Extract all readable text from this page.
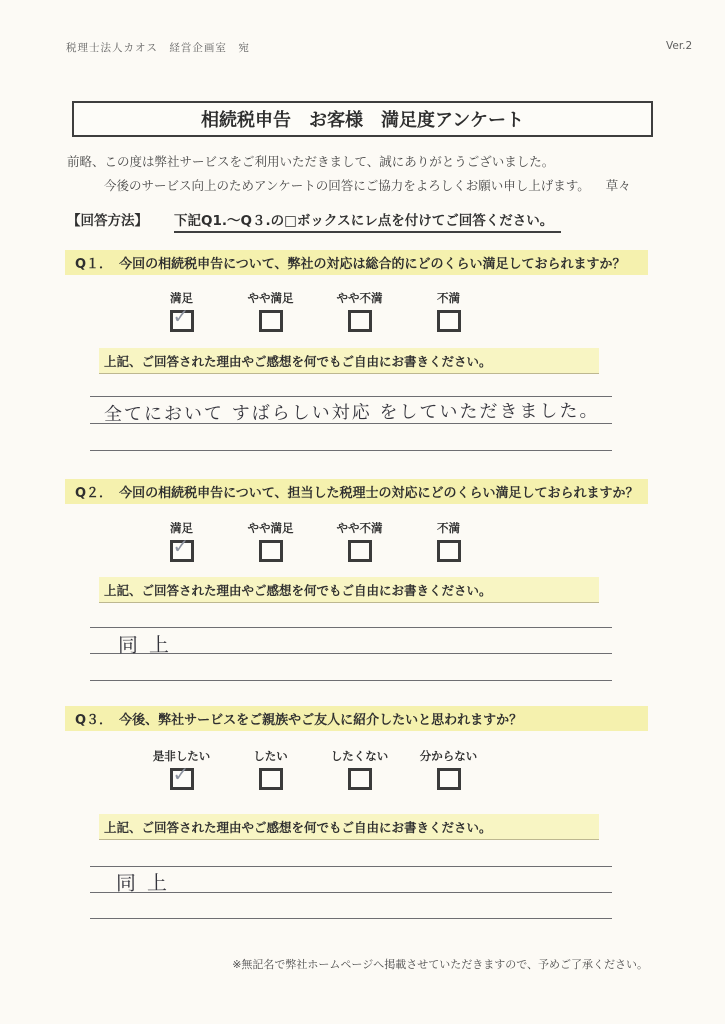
税理士法人カオス　経営企画室　宛	Ver.2
相続税申告　お客様　満足度アンケート
前略、この度は弊社サービスをご利用いただきまして、誠にありがとうございました。
今後のサービス向上のためアンケートの回答にご協力をよろしくお願い申し上げます。 草々
【回答方法】 下記Q1.～Q３.の□ボックスにレ点を付けてご回答ください。
Q１． 今回の相続税申告について、弊社の対応は総合的にどのくらい満足しておられますか？
満足
✓
やや満足	やや不満	不満
上記、ご回答された理由やご感想を何でもご自由にお書きください。
全てにおいて すばらしい対応 をしていただきました。
Q２． 今回の相続税申告について、担当した税理士の対応にどのくらい満足しておられますか？
満足
✓
やや満足	やや不満	不満
上記、ご回答された理由やご感想を何でもご自由にお書きください。
同上
Q３． 今後、弊社サービスをご親族やご友人に紹介したいと思われますか？
是非したい
✓
したい	したくない	分からない
上記、ご回答された理由やご感想を何でもご自由にお書きください。
同上
※無記名で弊社ホームページへ掲載させていただきますので、予めご了承ください。
